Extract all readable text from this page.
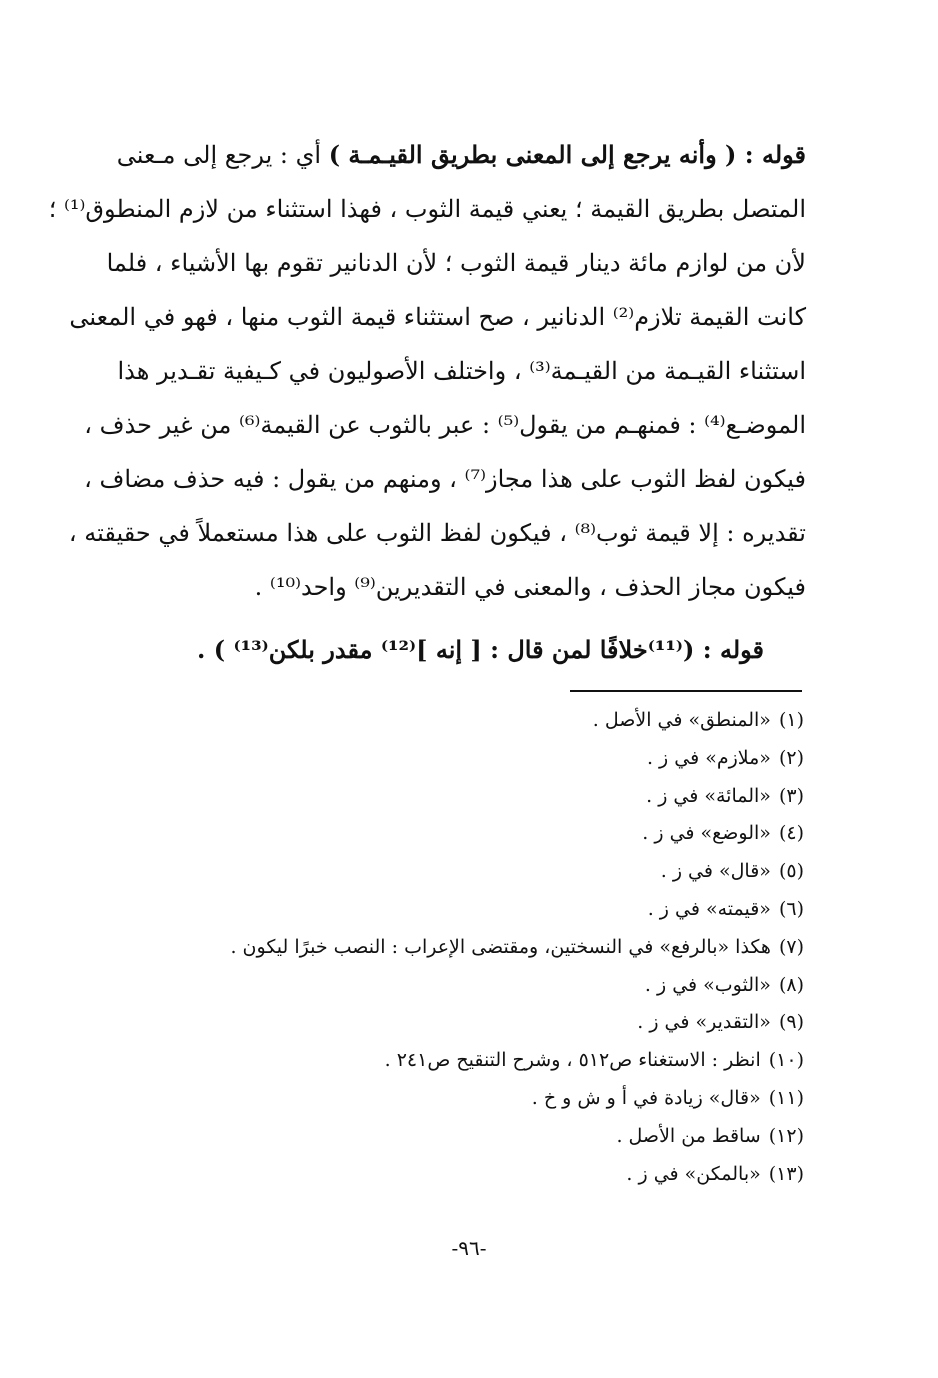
قوله : ( وأنه يرجع إلى المعنى بطريق القيـمـة ) أي : يرجع إلى مـعنى
المتصل بطريق القيمة ؛ يعني قيمة الثوب ، فهذا استثناء من لازم المنطوق⁽¹⁾ ؛
لأن من لوازم مائة دينار قيمة الثوب ؛ لأن الدنانير تقوم بها الأشياء ، فلما
كانت القيمة تلازم⁽²⁾ الدنانير ، صح استثناء قيمة الثوب منها ، فهو في المعنى
استثناء القيـمة من القيـمة⁽³⁾ ، واختلف الأصوليون في كـيفية تقـدير هذا
الموضـع⁽⁴⁾ : فمنهـم من يقول⁽⁵⁾ : عبر بالثوب عن القيمة⁽⁶⁾ من غير حذف ،
فيكون لفظ الثوب على هذا مجاز⁽⁷⁾ ، ومنهم من يقول : فيه حذف مضاف ،
تقديره : إلا قيمة ثوب⁽⁸⁾ ، فيكون لفظ الثوب على هذا مستعملاً في حقيقته ،
فيكون مجاز الحذف ، والمعنى في التقديرين⁽⁹⁾ واحد⁽¹⁰⁾ .
قوله : (⁽¹¹⁾خلافًا لمن قال : [ إنه ]⁽¹²⁾ مقدر بلكن⁽¹³⁾ ) .
(١)«المنطق» في الأصل .
(٢)«ملازم» في ز .
(٣)«المائة» في ز .
(٤)«الوضع» في ز .
(٥)«قال» في ز .
(٦)«قيمته» في ز .
(٧)هكذا «بالرفع» في النسختين، ومقتضى الإعراب : النصب خبرًا ليكون .
(٨)«الثوب» في ز .
(٩)«التقدير» في ز .
(١٠)انظر : الاستغناء ص٥١٢ ، وشرح التنقيح ص٢٤١ .
(١١)«قال» زيادة في أ و ش و خ .
(١٢)ساقط من الأصل .
(١٣)«بالمكن» في ز .
-٩٦-
